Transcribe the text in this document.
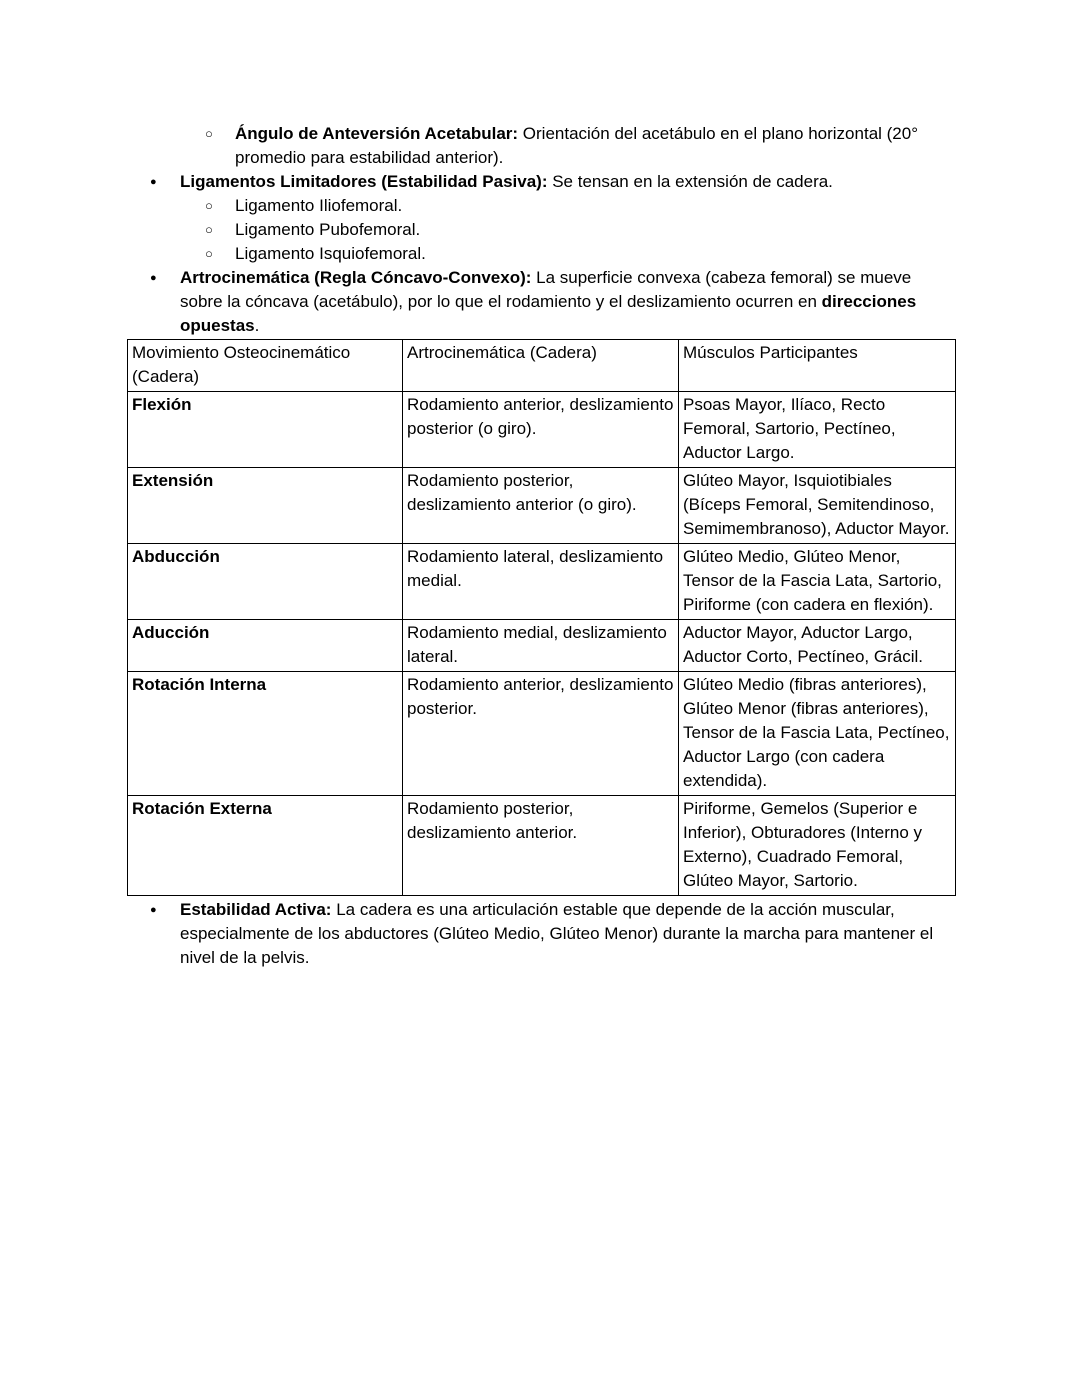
○	Ángulo de Anteversión Acetabular: Orientación del acetábulo en el plano horizontal (20° promedio para estabilidad anterior).

●	Ligamentos Limitadores (Estabilidad Pasiva): Se tensan en la extensión de cadera.

○	Ligamento Iliofemoral.

○	Ligamento Pubofemoral.

○	Ligamento Isquiofemoral.

●	Artrocinemática (Regla Cóncavo-Convexo): La superficie convexa (cabeza femoral) se mueve sobre la cóncava (acetábulo), por lo que el rodamiento y el deslizamiento ocurren en direcciones opuestas.

Movimiento Osteocinemático (Cadera)	Artrocinemática (Cadera)	Músculos Participantes
Flexión	Rodamiento anterior, deslizamiento posterior (o giro).	Psoas Mayor, Ilíaco, Recto Femoral, Sartorio, Pectíneo, Aductor Largo.
Extensión	Rodamiento posterior, deslizamiento anterior (o giro).	Glúteo Mayor, Isquiotibiales (Bíceps Femoral, Semitendinoso, Semimembranoso), Aductor Mayor.
Abducción	Rodamiento lateral, deslizamiento medial.	Glúteo Medio, Glúteo Menor, Tensor de la Fascia Lata, Sartorio, Piriforme (con cadera en flexión).
Aducción	Rodamiento medial, deslizamiento lateral.	Aductor Mayor, Aductor Largo, Aductor Corto, Pectíneo, Grácil.
Rotación Interna	Rodamiento anterior, deslizamiento posterior.	Glúteo Medio (fibras anteriores), Glúteo Menor (fibras anteriores), Tensor de la Fascia Lata, Pectíneo, Aductor Largo (con cadera extendida).
Rotación Externa	Rodamiento posterior, deslizamiento anterior.	Piriforme, Gemelos (Superior e Inferior), Obturadores (Interno y Externo), Cuadrado Femoral, Glúteo Mayor, Sartorio.
●	Estabilidad Activa: La cadera es una articulación estable que depende de la acción muscular, especialmente de los abductores (Glúteo Medio, Glúteo Menor) durante la marcha para mantener el nivel de la pelvis.
